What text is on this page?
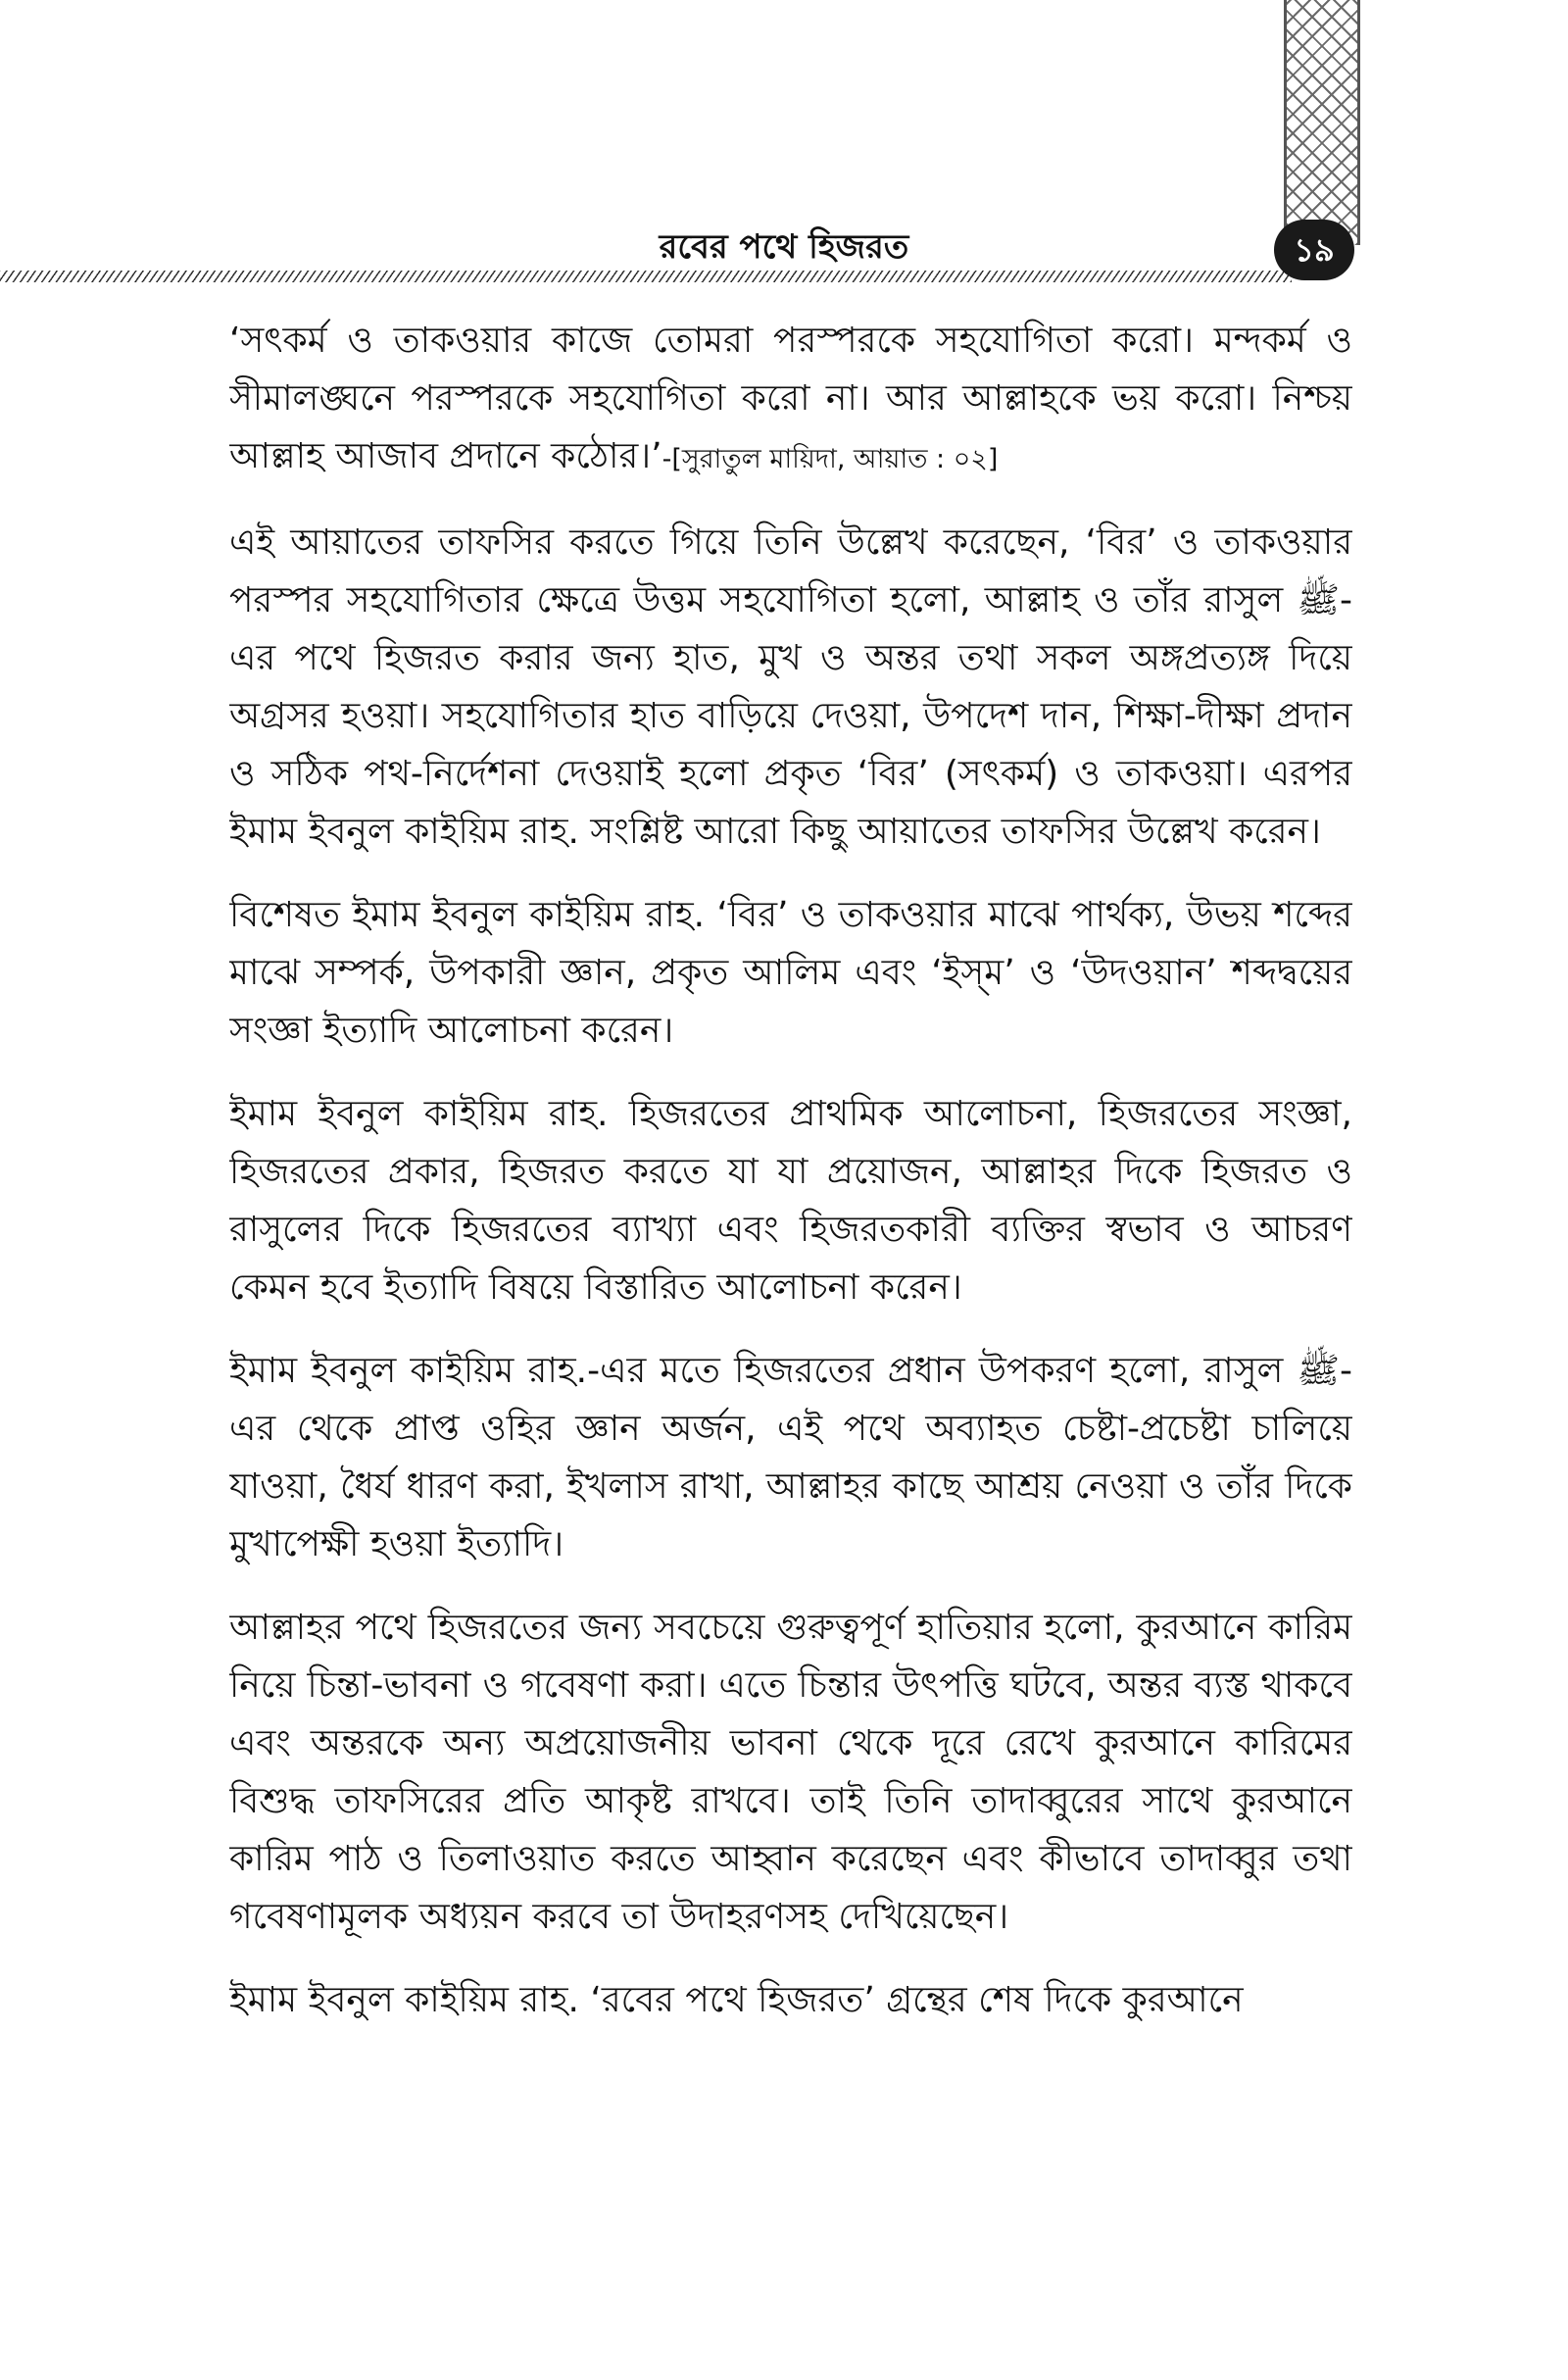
রবের পথে হিজরত	১৯

‘সৎকর্ম ও তাকওয়ার কাজে তোমরা পরস্পরকে সহযোগিতা করো। মন্দকর্ম ও সীমালঙ্ঘনে পরস্পরকে সহযোগিতা করো না। আর আল্লাহকে ভয় করো। নিশ্চয় আল্লাহ আজাব প্রদানে কঠোর।’-[সুরাতুল মায়িদা, আয়াত : ০২]

এই আয়াতের তাফসির করতে গিয়ে তিনি উল্লেখ করেছেন, ‘বির’ ও তাকওয়ার পরস্পর সহযোগিতার ক্ষেত্রে উত্তম সহযোগিতা হলো, আল্লাহ ও তাঁর রাসুল ﷺ-এর পথে হিজরত করার জন্য হাত, মুখ ও অন্তর তথা সকল অঙ্গপ্রত্যঙ্গ দিয়ে অগ্রসর হওয়া। সহযোগিতার হাত বাড়িয়ে দেওয়া, উপদেশ দান, শিক্ষা-দীক্ষা প্রদান ও সঠিক পথ-নির্দেশনা দেওয়াই হলো প্রকৃত ‘বির’ (সৎকর্ম) ও তাকওয়া। এরপর ইমাম ইবনুল কাইয়িম রাহ. সংশ্লিষ্ট আরো কিছু আয়াতের তাফসির উল্লেখ করেন।

বিশেষত ইমাম ইবনুল কাইয়িম রাহ. ‘বির’ ও তাকওয়ার মাঝে পার্থক্য, উভয় শব্দের মাঝে সম্পর্ক, উপকারী জ্ঞান, প্রকৃত আলিম এবং ‘ইস্‌ম’ ও ‘উদওয়ান’ শব্দদ্বয়ের সংজ্ঞা ইত্যাদি আলোচনা করেন।

ইমাম ইবনুল কাইয়িম রাহ. হিজরতের প্রাথমিক আলোচনা, হিজরতের সংজ্ঞা, হিজরতের প্রকার, হিজরত করতে যা যা প্রয়োজন, আল্লাহর দিকে হিজরত ও রাসুলের দিকে হিজরতের ব্যাখ্যা এবং হিজরতকারী ব্যক্তির স্বভাব ও আচরণ কেমন হবে ইত্যাদি বিষয়ে বিস্তারিত আলোচনা করেন।

ইমাম ইবনুল কাইয়িম রাহ.-এর মতে হিজরতের প্রধান উপকরণ হলো, রাসুল ﷺ-এর থেকে প্রাপ্ত ওহির জ্ঞান অর্জন, এই পথে অব্যাহত চেষ্টা-প্রচেষ্টা চালিয়ে যাওয়া, ধৈর্য ধারণ করা, ইখলাস রাখা, আল্লাহর কাছে আশ্রয় নেওয়া ও তাঁর দিকে মুখাপেক্ষী হওয়া ইত্যাদি।

আল্লাহর পথে হিজরতের জন্য সবচেয়ে গুরুত্বপূর্ণ হাতিয়ার হলো, কুরআনে কারিম নিয়ে চিন্তা-ভাবনা ও গবেষণা করা। এতে চিন্তার উৎপত্তি ঘটবে, অন্তর ব্যস্ত থাকবে এবং অন্তরকে অন্য অপ্রয়োজনীয় ভাবনা থেকে দূরে রেখে কুরআনে কারিমের বিশুদ্ধ তাফসিরের প্রতি আকৃষ্ট রাখবে। তাই তিনি তাদাব্বুরের সাথে কুরআনে কারিম পাঠ ও তিলাওয়াত করতে আহ্বান করেছেন এবং কীভাবে তাদাব্বুর তথা গবেষণামূলক অধ্যয়ন করবে তা উদাহরণসহ দেখিয়েছেন।

ইমাম ইবনুল কাইয়িম রাহ. ‘রবের পথে হিজরত’ গ্রন্থের শেষ দিকে কুরআনে
